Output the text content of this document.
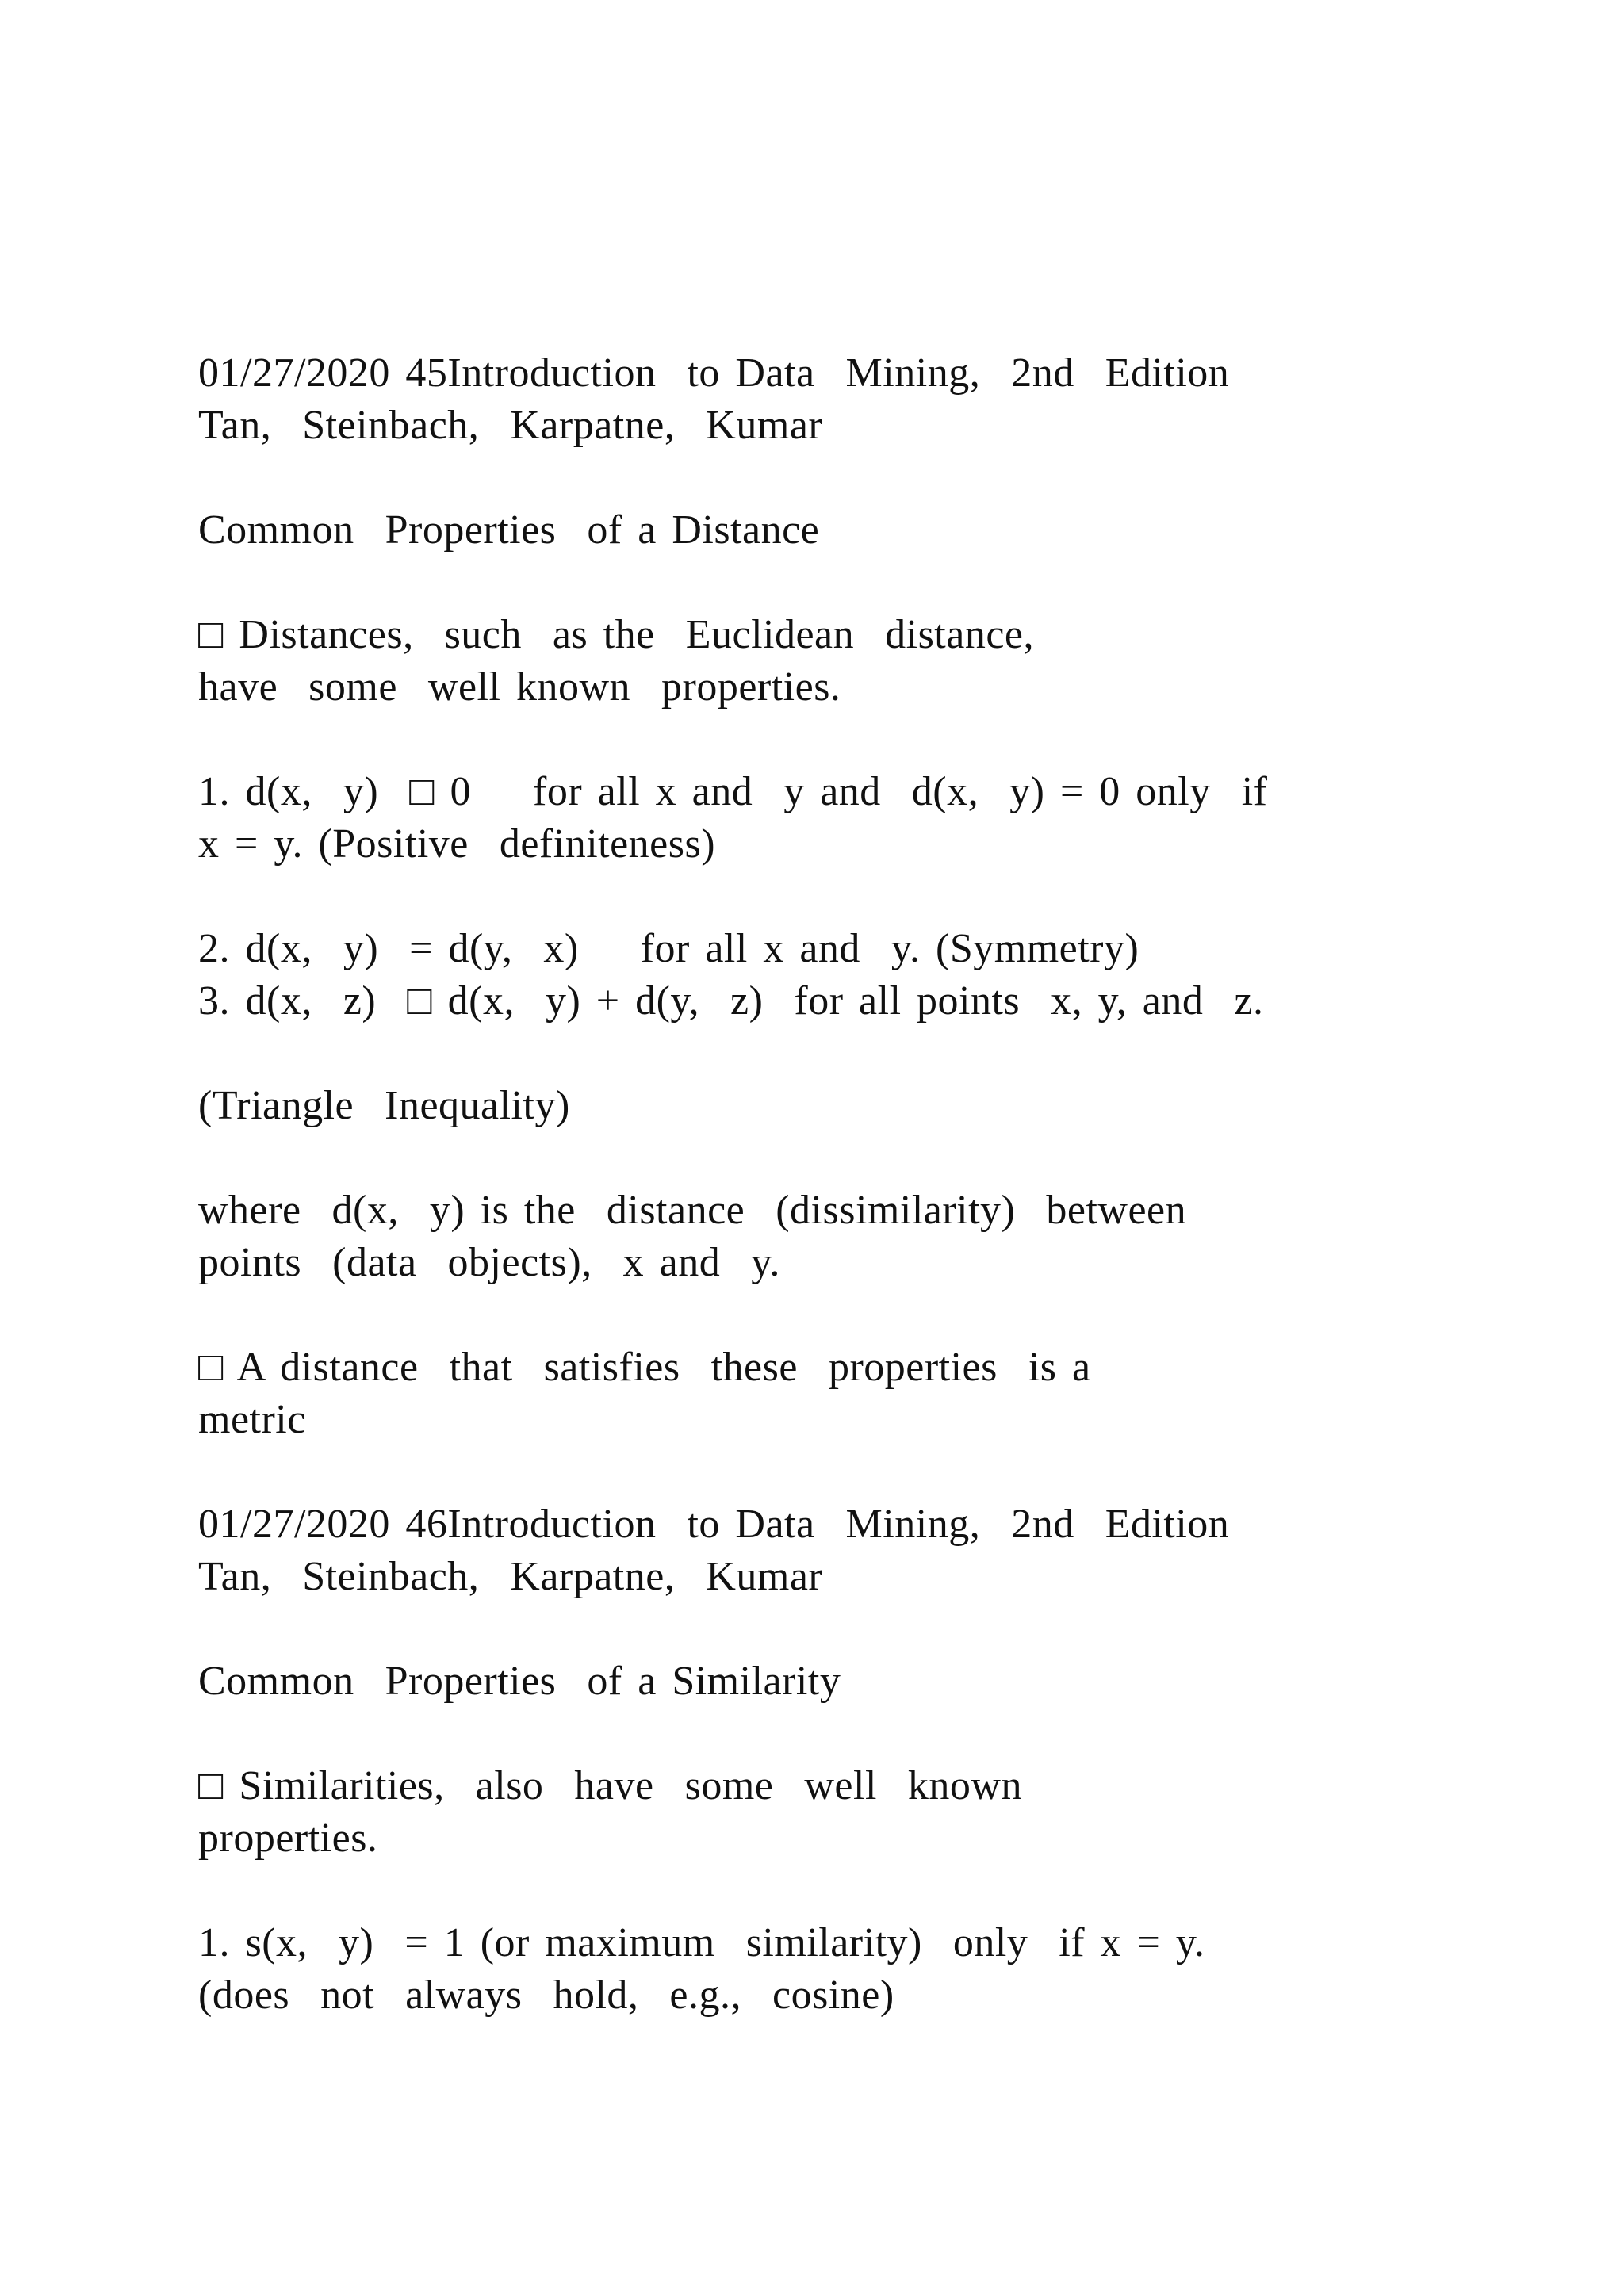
01/27/2020 45Introduction  to Data  Mining,  2nd  Edition
Tan,  Steinbach,  Karpatne,  Kumar
Common  Properties  of a Distance
□ Distances,  such  as the  Euclidean  distance,
have  some  well known  properties.
1. d(x,  y)  □ 0    for all x and  y and  d(x,  y) = 0 only  if
x = y. (Positive  definiteness)
2. d(x,  y)  = d(y,  x)    for all x and  y. (Symmetry)
3. d(x,  z)  □ d(x,  y) + d(y,  z)  for all points  x, y, and  z.
(Triangle  Inequality)
where  d(x,  y) is the  distance  (dissimilarity)  between
points  (data  objects),  x and  y.
□ A distance  that  satisfies  these  properties  is a
metric
01/27/2020 46Introduction  to Data  Mining,  2nd  Edition
Tan,  Steinbach,  Karpatne,  Kumar
Common  Properties  of a Similarity
□ Similarities,  also  have  some  well  known
properties.
1. s(x,  y)  = 1 (or maximum  similarity)  only  if x = y.
(does  not  always  hold,  e.g.,  cosine)
